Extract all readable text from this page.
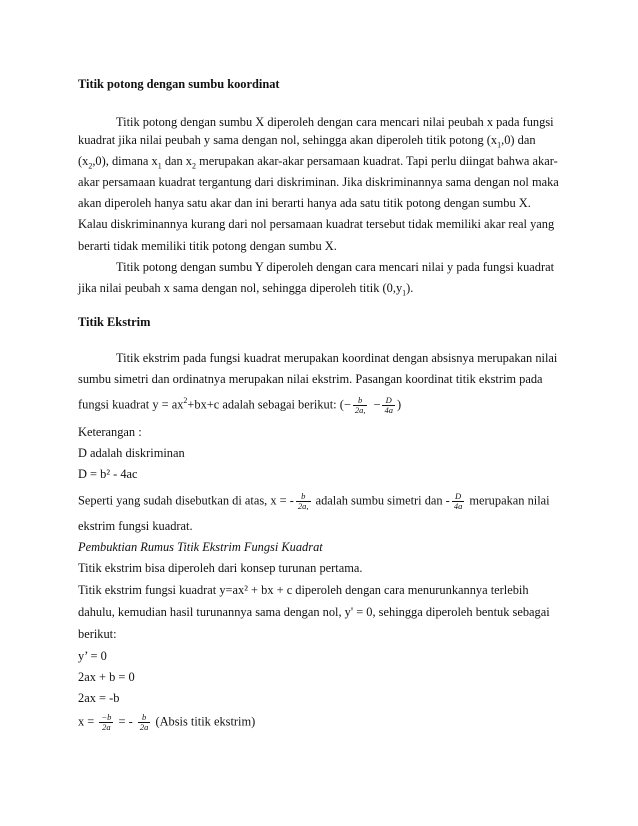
Titik potong dengan sumbu koordinat
Titik potong dengan sumbu X diperoleh dengan cara mencari nilai peubah x pada fungsi
kuadrat jika nilai peubah y sama dengan nol, sehingga akan diperoleh titik potong $(x_1,0)$ dan
$(x_2,0)$, dimana $x_1$ dan $x_2$ merupakan akar-akar persamaan kuadrat. Tapi perlu diingat bahwa akar-
akar persamaan kuadrat tergantung dari diskriminan. Jika diskriminannya sama dengan nol maka
akan diperoleh hanya satu akar dan ini berarti hanya ada satu titik potong dengan sumbu X.
Kalau diskriminannya kurang dari nol persamaan kuadrat tersebut tidak memiliki akar real yang
berarti tidak memiliki titik potong dengan sumbu X.
Titik potong dengan sumbu Y diperoleh dengan cara mencari nilai y pada fungsi kuadrat
jika nilai peubah x sama dengan nol, sehingga diperoleh titik $(0,y_1)$.
Titik Ekstrim
Titik ekstrim pada fungsi kuadrat merupakan koordinat dengan absisnya merupakan nilai
sumbu simetri dan ordinatnya merupakan nilai ekstrim. Pasangan koordinat titik ekstrim pada
fungsi kuadrat $y = ax^2+bx+c$ adalah sebagai berikut: (− $\frac{b}{2a,} - \frac{D}{4a}$ )
Keterangan :
D adalah diskriminan
D = b² - 4ac
Seperti yang sudah disebutkan di atas, x = - $\frac{b}{2a,}$ adalah sumbu simetri dan - $\frac{D}{4a}$ merupakan nilai
ekstrim fungsi kuadrat.
Pembuktian Rumus Titik Ekstrim Fungsi Kuadrat
Titik ekstrim bisa diperoleh dari konsep turunan pertama.
Titik ekstrim fungsi kuadrat y=ax² + bx + c diperoleh dengan cara menurunkannya terlebih
dahulu, kemudian hasil turunannya sama dengan nol, y' = 0, sehingga diperoleh bentuk sebagai
berikut:
y’ = 0
2ax + b = 0
2ax = -b
$x = \frac{-b}{2a}$ = - $\frac{b}{2a}$ (Absis titik ekstrim)
